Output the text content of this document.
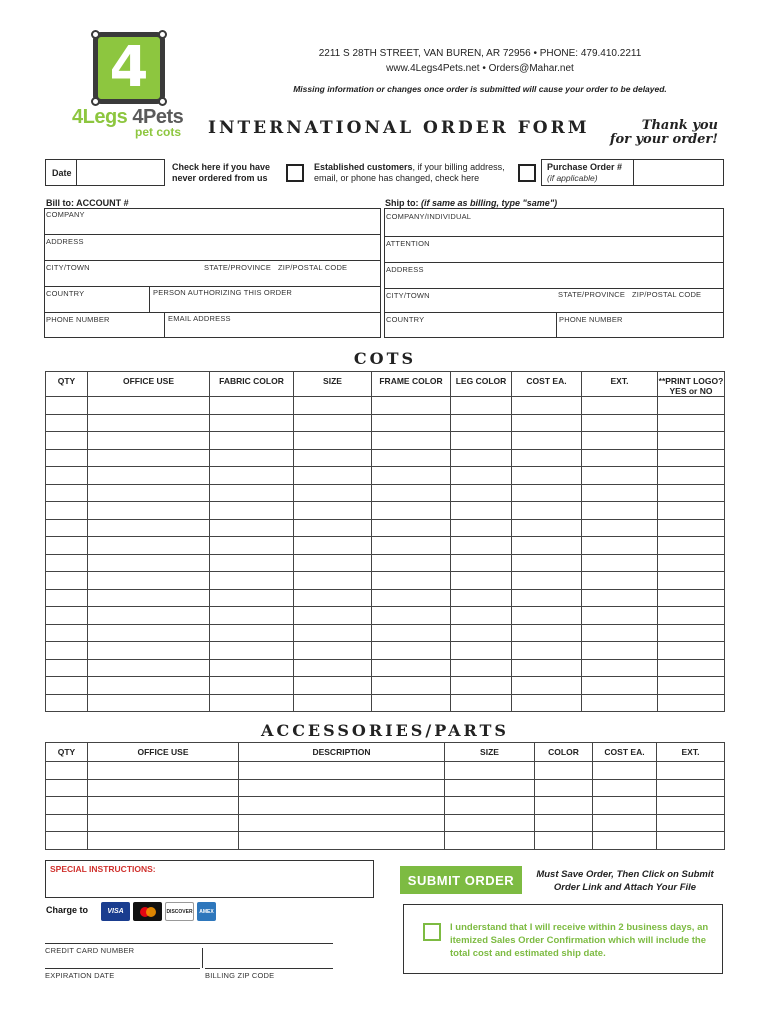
4
4Legs 4Pets
pet cots
2211 S 28TH STREET, VAN BUREN, AR 72956 • PHONE: 479.410.2211
www.4Legs4Pets.net • Orders@Mahar.net
Missing information or changes once order is submitted will cause your order to be delayed.
INTERNATIONAL ORDER FORM	Thank you
for your order!
Date
Check here if you have never ordered from us
Established customers, if your billing address, email, or phone has changed, check here
Purchase Order #
(if applicable)
Bill to: ACCOUNT #
COMPANY
ADDRESS
CITY/TOWN	STATE/PROVINCE ZIP/POSTAL CODE
COUNTRY	PERSON AUTHORIZING THIS ORDER
PHONE NUMBER	EMAIL ADDRESS
Ship to: (if same as billing, type "same")
COMPANY/INDIVIDUAL
ATTENTION
ADDRESS
CITY/TOWN	STATE/PROVINCE ZIP/POSTAL CODE
COUNTRY	PHONE NUMBER
COTS
QTY	OFFICE USE	FABRIC COLOR	SIZE	FRAME COLOR	LEG COLOR	COST EA.	EXT.	**PRINT LOGO? YES or NO

ACCESSORIES/PARTS
QTY	OFFICE USE	DESCRIPTION	SIZE	COLOR	COST EA.	EXT.

SPECIAL INSTRUCTIONS:
Charge to	VISA	DISCOVER	AMEX
CREDIT CARD NUMBER
EXPIRATION DATE	BILLING ZIP CODE
SUBMIT ORDER	Must Save Order, Then Click on Submit Order Link and Attach Your File
I understand that I will receive within 2 business days, an itemized Sales Order Confirmation which will include the total cost and estimated ship date.
